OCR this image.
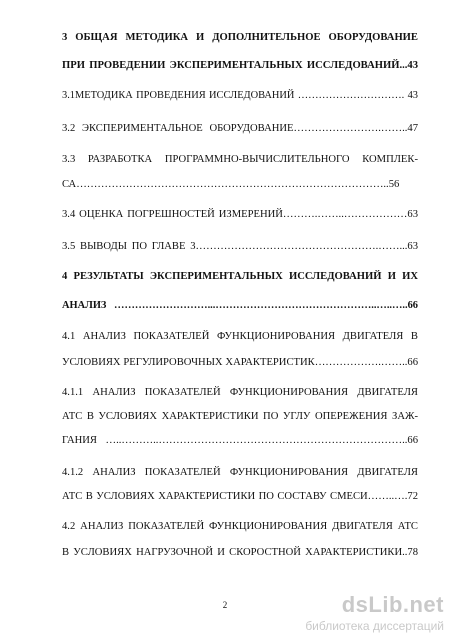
3 ОБЩАЯ МЕТОДИКА И ДОПОЛНИТЕЛЬНОЕ ОБОРУДОВАНИЕ
ПРИ ПРОВЕДЕНИИ ЭКСПЕРИМЕНТАЛЬНЫХ ИССЛЕДОВАНИЙ...43
3.1МЕТОДИКА ПРОВЕДЕНИЯ ИССЛЕДОВАНИЙ …………………………. 43
3.2 ЭКСПЕРИМЕНТАЛЬНОЕ ОБОРУДОВАНИЕ…………………….……..47
3.3 РАЗРАБОТКА ПРОГРАММНО-ВЫЧИСЛИТЕЛЬНОГО КОМПЛЕК-
СА……………………………………………………………………………..56
3.4 ОЦЕНКА ПОГРЕШНОСТЕЙ ИЗМЕРЕНИЙ……….……..………………63
3.5 ВЫВОДЫ ПО ГЛАВЕ 3…………………………………………….……...63
4 РЕЗУЛЬТАТЫ ЭКСПЕРИМЕНТАЛЬНЫХ ИССЛЕДОВАНИЙ И ИХ
АНАЛИЗ ………………………...………………………………………..…..…..66
4.1 АНАЛИЗ ПОКАЗАТЕЛЕЙ ФУНКЦИОНИРОВАНИЯ ДВИГАТЕЛЯ В
УСЛОВИЯХ РЕГУЛИРОВОЧНЫХ ХАРАКТЕРИСТИК……………….……..66
4.1.1 АНАЛИЗ ПОКАЗАТЕЛЕЙ ФУНКЦИОНИРОВАНИЯ ДВИГАТЕЛЯ
АТС В УСЛОВИЯХ ХАРАКТЕРИСТИКИ ПО УГЛУ ОПЕРЕЖЕНИЯ ЗАЖ-
ГАНИЯ …..………..……………………………………………………………..66
4.1.2 АНАЛИЗ ПОКАЗАТЕЛЕЙ ФУНКЦИОНИРОВАНИЯ ДВИГАТЕЛЯ
АТС В УСЛОВИЯХ ХАРАКТЕРИСТИКИ ПО СОСТАВУ СМЕСИ……..….72
4.2 АНАЛИЗ ПОКАЗАТЕЛЕЙ ФУНКЦИОНИРОВАНИЯ ДВИГАТЕЛЯ АТС
В УСЛОВИЯХ НАГРУЗОЧНОЙ И СКОРОСТНОЙ ХАРАКТЕРИСТИКИ..78
2	dsLib.net
библиотека диссертаций
